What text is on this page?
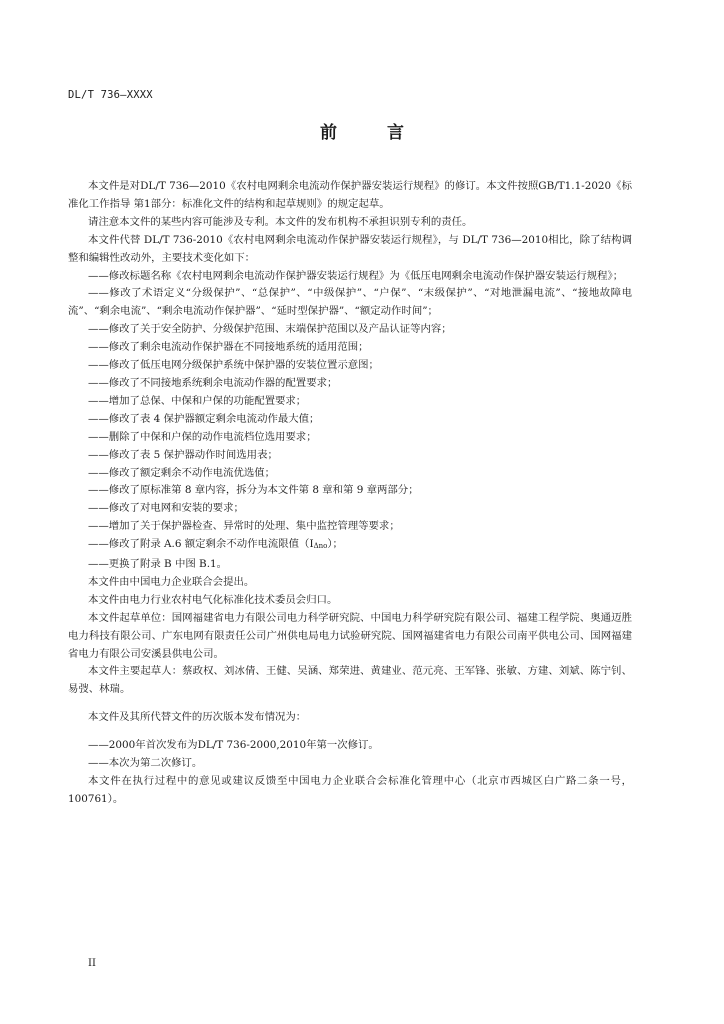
DL/T 736—XXXX
前 言

本文件是对DL/T 736—2010《农村电网剩余电流动作保护器安装运行规程》的修订。本文件按照GB/T1.1-2020《标准化工作指导 第1部分：标准化文件的结构和起草规则》的规定起草。

请注意本文件的某些内容可能涉及专利。本文件的发布机构不承担识别专利的责任。

本文件代替 DL/T 736-2010《农村电网剩余电流动作保护器安装运行规程》，与 DL/T 736—2010相比，除了结构调整和编辑性改动外，主要技术变化如下：

——修改标题名称《农村电网剩余电流动作保护器安装运行规程》为《低压电网剩余电流动作保护器安装运行规程》；

——修改了术语定义“分级保护”、“总保护”、“中级保护”、“户保”、“末级保护”、“对地泄漏电流”、“接地故障电流”、“剩余电流”、“剩余电流动作保护器”、“延时型保护器”、“额定动作时间”；

——修改了关于安全防护、分级保护范围、末端保护范围以及产品认证等内容；

——修改了剩余电流动作保护器在不同接地系统的适用范围；

——修改了低压电网分级保护系统中保护器的安装位置示意图；

——修改了不同接地系统剩余电流动作器的配置要求；

——增加了总保、中保和户保的功能配置要求；

——修改了表 4 保护器额定剩余电流动作最大值；

——删除了中保和户保的动作电流档位选用要求；

——修改了表 5 保护器动作时间选用表；

——修改了额定剩余不动作电流优选值；

——修改了原标准第 8 章内容，拆分为本文件第 8 章和第 9 章两部分；

——修改了对电网和安装的要求；

——增加了关于保护器检查、异常时的处理、集中监控管理等要求；

——修改了附录 A.6 额定剩余不动作电流限值（IΔno）；

——更换了附录 B 中图 B.1。

本文件由中国电力企业联合会提出。

本文件由电力行业农村电气化标准化技术委员会归口。

本文件起草单位：国网福建省电力有限公司电力科学研究院、中国电力科学研究院有限公司、福建工程学院、奥通迈胜电力科技有限公司、广东电网有限责任公司广州供电局电力试验研究院、国网福建省电力有限公司南平供电公司、国网福建省电力有限公司安溪县供电公司。

本文件主要起草人：蔡政权、刘冰倩、王健、吴涵、郑荣进、黄建业、范元亮、王军锋、张敏、方建、刘斌、陈宁钊、易弢、林瑞。

本文件及其所代替文件的历次版本发布情况为：

——2000年首次发布为DL/T 736-2000,2010年第一次修订。

——本次为第二次修订。

本文件在执行过程中的意见或建议反馈至中国电力企业联合会标准化管理中心（北京市西城区白广路二条一号，100761）。

II
